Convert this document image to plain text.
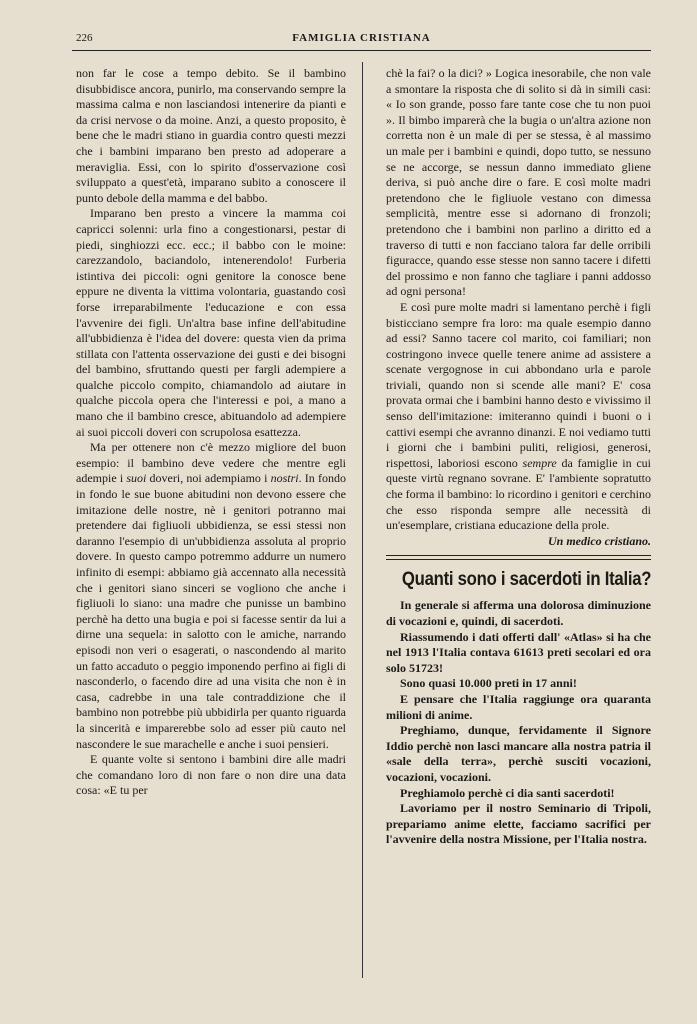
226	FAMIGLIA CRISTIANA

non far le cose a tempo debito. Se il bambino disubbidisce ancora, punirlo, ma conservando sempre la massima calma e non lasciandosi intenerire da pianti e da crisi nervose o da moine. Anzi, a questo proposito, è bene che le madri stiano in guardia contro questi mezzi che i bambini imparano ben presto ad adoperare a meraviglia. Essi, con lo spirito d'osservazione così sviluppato a quest'età, imparano subito a conoscere il punto debole della mamma e del babbo.

Imparano ben presto a vincere la mamma coi capricci solenni: urla fino a congestionarsi, pestar di piedi, singhiozzi ecc. ecc.; il babbo con le moine: carezzandolo, baciandolo, intenerendolo! Furberia istintiva dei piccoli: ogni genitore la conosce bene eppure ne diventa la vittima volontaria, guastando così forse irreparabilmente l'educazione e con essa l'avvenire dei figli. Un'altra base infine dell'abitudine all'ubbidienza è l'idea del dovere: questa vien da prima stillata con l'attenta osservazione dei gusti e dei bisogni del bambino, sfruttando questi per fargli adempiere a qualche piccolo compito, chiamandolo ad aiutare in qualche piccola opera che l'interessi e poi, a mano a mano che il bambino cresce, abituandolo ad adempiere ai suoi piccoli doveri con scrupolosa esattezza.

Ma per ottenere non c'è mezzo migliore del buon esempio: il bambino deve vedere che mentre egli adempie i suoi doveri, noi adempiamo i nostri. In fondo in fondo le sue buone abitudini non devono essere che imitazione delle nostre, nè i genitori potranno mai pretendere dai figliuoli ubbidienza, se essi stessi non daranno l'esempio di un'ubbidienza assoluta al proprio dovere. In questo campo potremmo addurre un numero infinito di esempi: abbiamo già accennato alla necessità che i genitori siano sinceri se vogliono che anche i figliuoli lo siano: una madre che punisse un bambino perchè ha detto una bugia e poi si facesse sentir da lui a dirne una sequela: in salotto con le amiche, narrando episodi non veri o esagerati, o nascondendo al marito un fatto accaduto o peggio imponendo perfino ai figli di nasconderlo, o facendo dire ad una visita che non è in casa, cadrebbe in una tale contraddizione che il bambino non potrebbe più ubbidirla per quanto riguarda la sincerità e imparerebbe solo ad esser più cauto nel nascondere le sue marachelle e anche i suoi pensieri.

E quante volte si sentono i bambini dire alle madri che comandano loro di non fare o non dire una data cosa: «E tu per

chè la fai? o la dici? » Logica inesorabile, che non vale a smontare la risposta che di solito si dà in simili casi: « Io son grande, posso fare tante cose che tu non puoi ». Il bimbo imparerà che la bugia o un'altra azione non corretta non è un male di per se stessa, è al massimo un male per i bambini e quindi, dopo tutto, se nessuno se ne accorge, se nessun danno immediato gliene deriva, si può anche dire o fare. E così molte madri pretendono che le figliuole vestano con dimessa semplicità, mentre esse si adornano di fronzoli; pretendono che i bambini non parlino a diritto ed a traverso di tutti e non facciano talora far delle orribili figuracce, quando esse stesse non sanno tacere i difetti del prossimo e non fanno che tagliare i panni addosso ad ogni persona!

E così pure molte madri si lamentano perchè i figli bisticciano sempre fra loro: ma quale esempio danno ad essi? Sanno tacere col marito, coi familiari; non costringono invece quelle tenere anime ad assistere a scenate vergognose in cui abbondano urla e parole triviali, quando non si scende alle mani? E' cosa provata ormai che i bambini hanno desto e vivissimo il senso dell'imitazione: imiteranno quindi i buoni o i cattivi esempi che avranno dinanzi. E noi vediamo tutti i giorni che i bambini puliti, religiosi, generosi, rispettosi, laboriosi escono sempre da famiglie in cui queste virtù regnano sovrane. E' l'ambiente sopratutto che forma il bambino: lo ricordino i genitori e cerchino che esso risponda sempre alle necessità di un'esemplare, cristiana educazione della prole.

Un medico cristiano.

Quanti sono i sacerdoti in Italia?

In generale si afferma una dolorosa diminuzione di vocazioni e, quindi, di sacerdoti.

Riassumendo i dati offerti dall' «Atlas» si ha che nel 1913 l'Italia contava 61613 preti secolari ed ora solo 51723!

Sono quasi 10.000 preti in 17 anni!

E pensare che l'Italia raggiunge ora quaranta milioni di anime.

Preghiamo, dunque, fervidamente il Signore Iddio perchè non lasci mancare alla nostra patria il «sale della terra», perchè susciti vocazioni, vocazioni, vocazioni.

Preghiamolo perchè ci dia santi sacerdoti!

Lavoriamo per il nostro Seminario di Tripoli, prepariamo anime elette, facciamo sacrifici per l'avvenire della nostra Missione, per l'Italia nostra.
